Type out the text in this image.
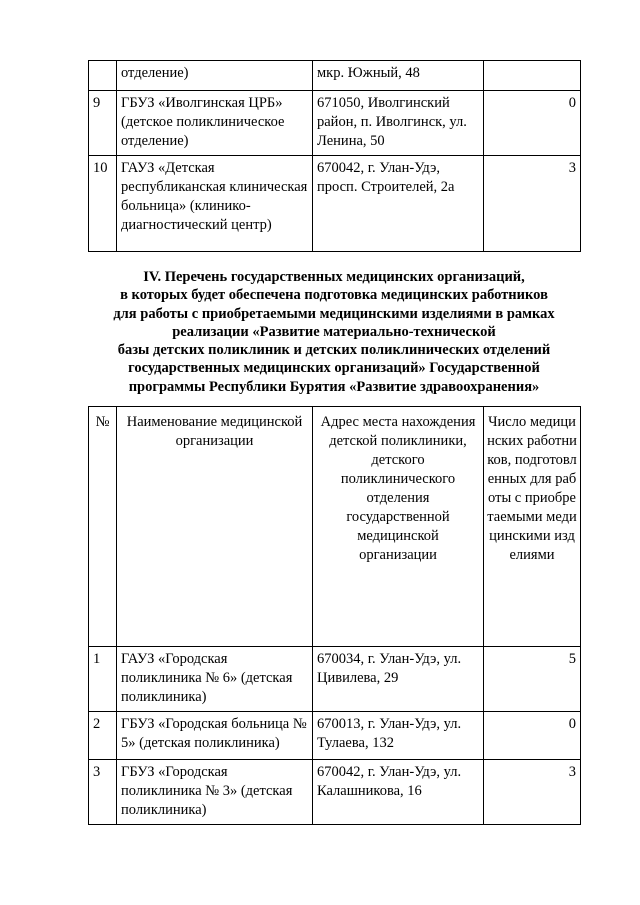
	отделение)	мкр. Южный, 48	
9	ГБУЗ «Иволгинская ЦРБ» (детское поликлиническое отделение)	671050, Иволгинский район, п. Иволгинск, ул. Ленина, 50	0
10	ГАУЗ «Детская республиканская клиническая больница» (клинико-диагностический центр)	670042, г. Улан-Удэ, просп. Строителей, 2а	3
IV. Перечень государственных медицинских организаций,
в которых будет обеспечена подготовка медицинских работников
для работы с приобретаемыми медицинскими изделиями в рамках
реализации «Развитие материально-технической
базы детских поликлиник и детских поликлинических отделений
государственных медицинских организаций» Государственной
программы Республики Бурятия «Развитие здравоохранения»
№	Наименование медицинской организации	Адрес места нахождения детской поликлиники, детского поликлинического отделения государственной медицинской организации	Число медицинских работников, подготовленных для работы с приобретаемыми медицинскими изделиями
1	ГАУЗ «Городская поликлиника № 6» (детская поликлиника)	670034, г. Улан-Удэ, ул. Цивилева, 29	5
2	ГБУЗ «Городская больница № 5» (детская поликлиника)	670013, г. Улан-Удэ, ул. Тулаева, 132	0
3	ГБУЗ «Городская поликлиника № 3» (детская поликлиника)	670042, г. Улан-Удэ, ул. Калашникова, 16	3
